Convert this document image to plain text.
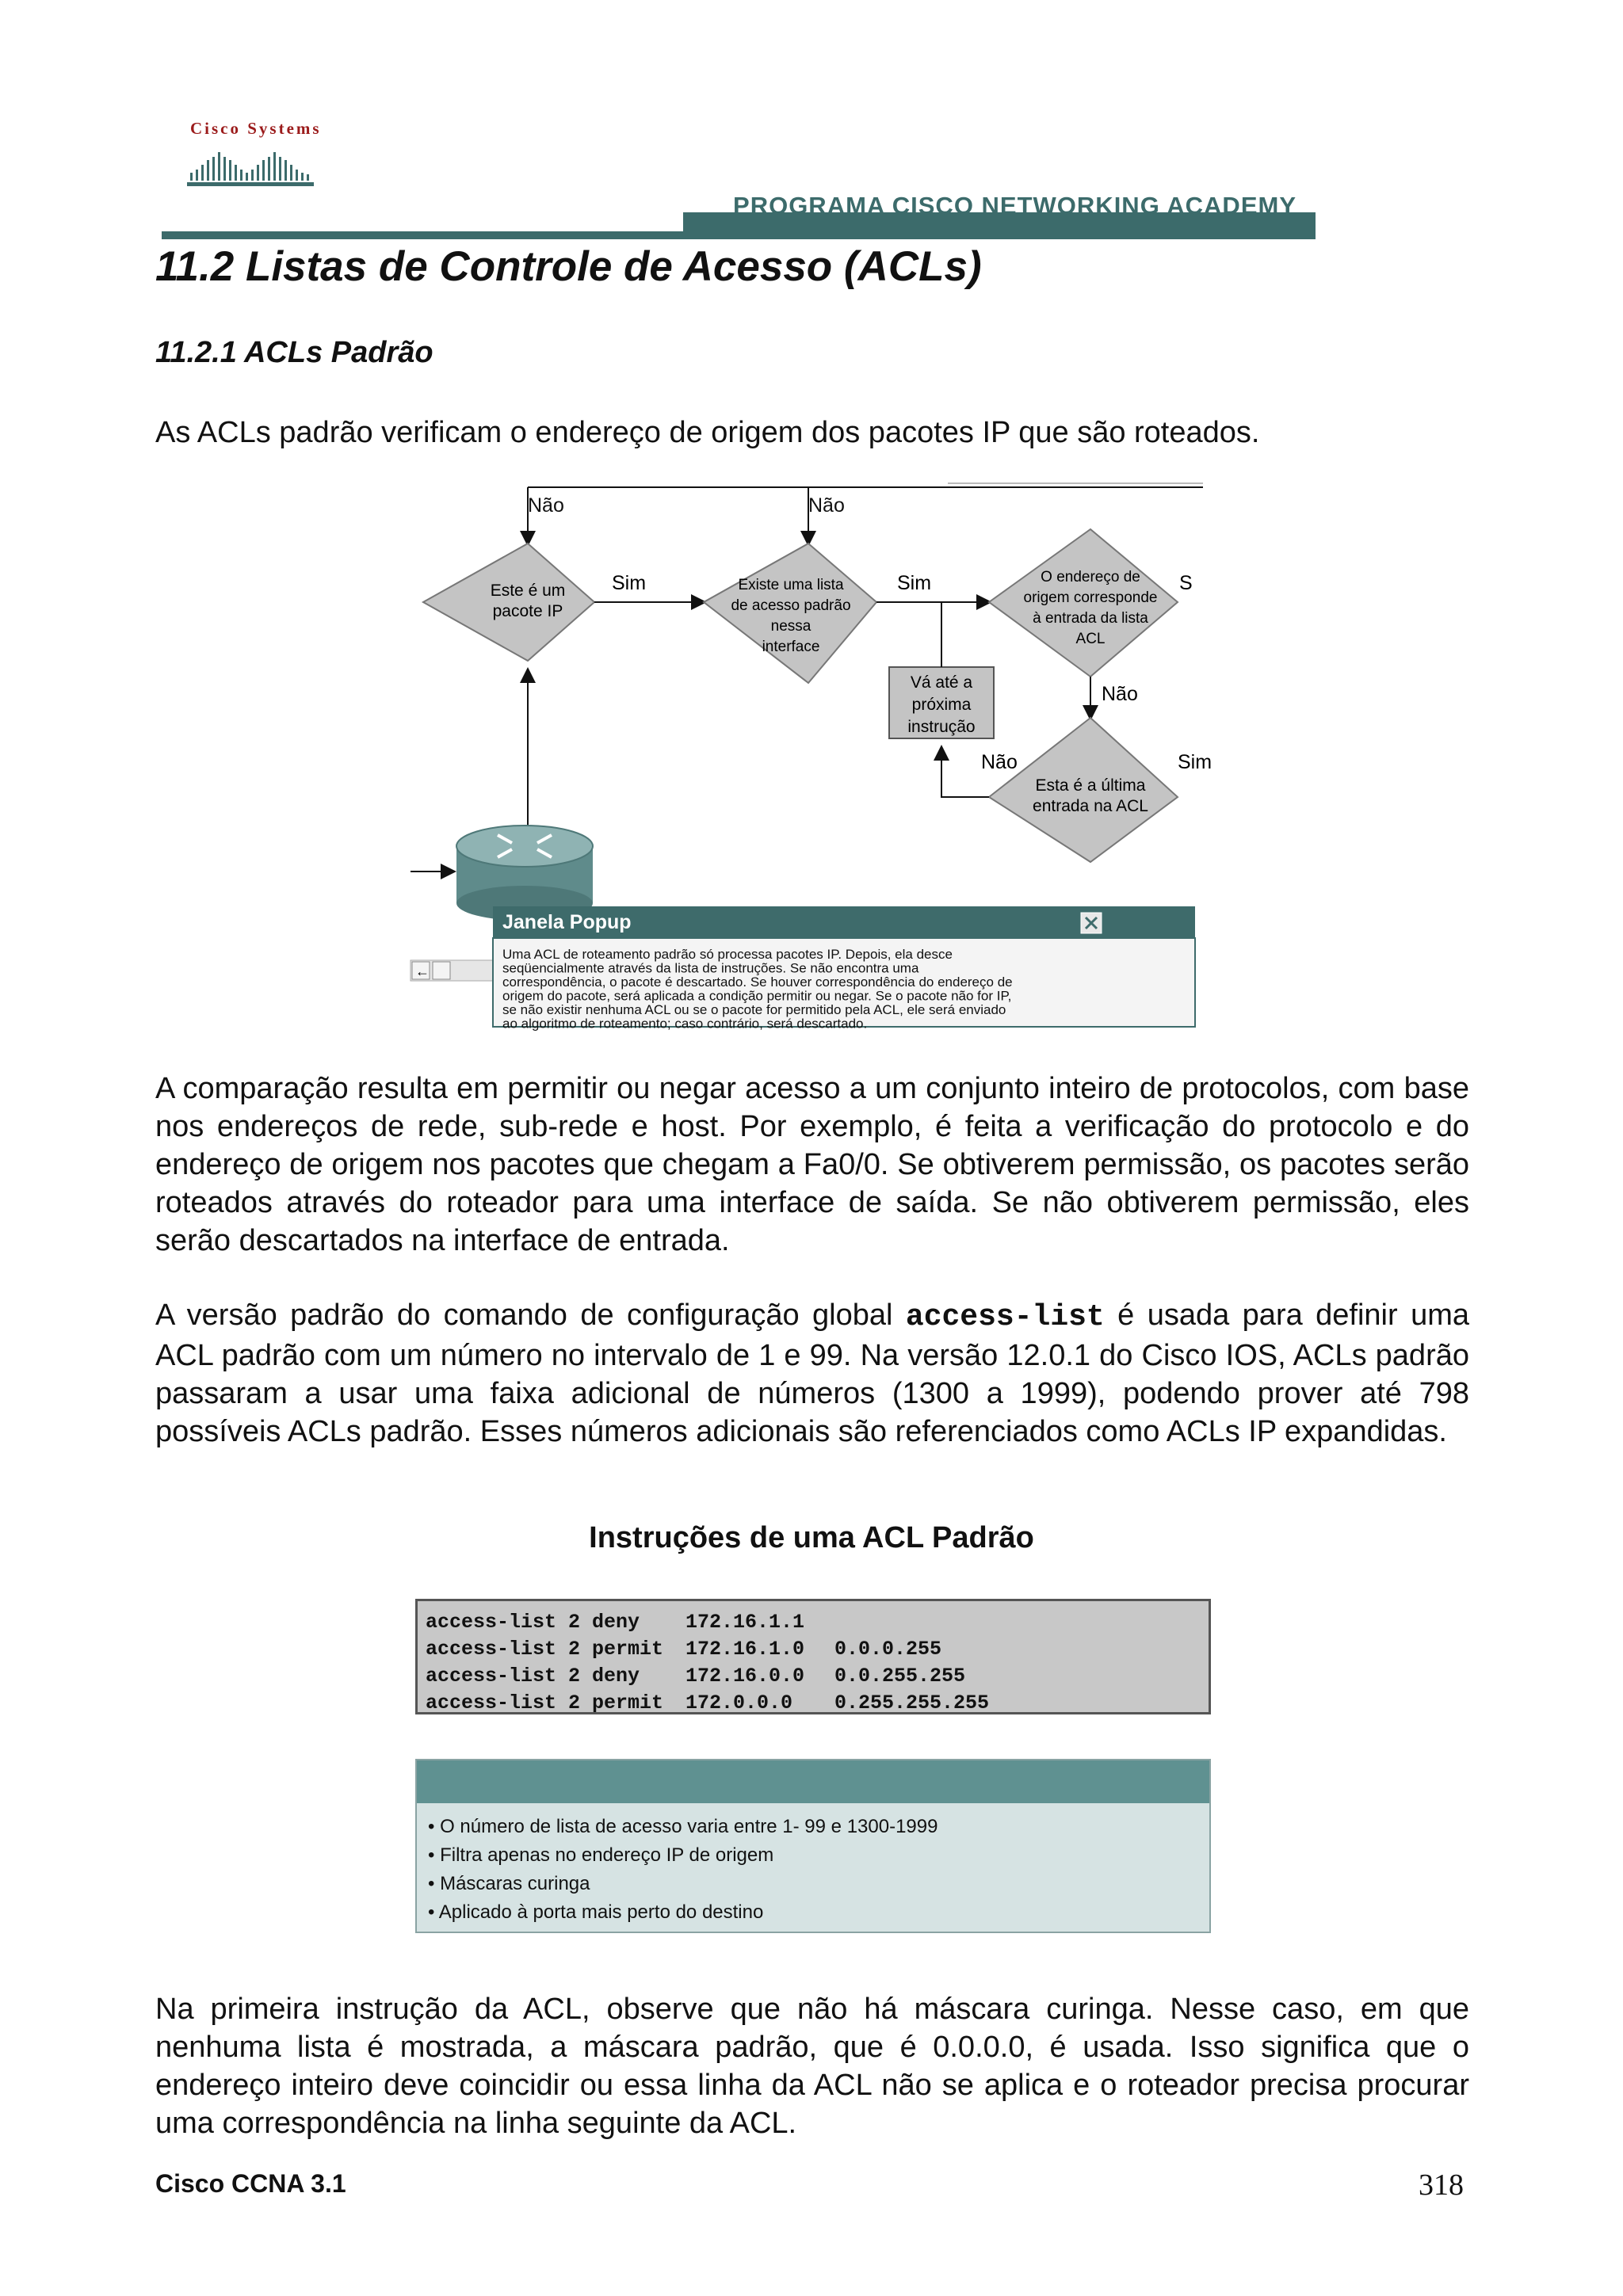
Cisco Systems
PROGRAMA CISCO NETWORKING ACADEMY
11.2 Listas de Controle de Acesso (ACLs)
11.2.1 ACLs Padrão

As ACLs padrão verificam o endereço de origem dos pacotes IP que são roteados.

Não	Não
Este é um
pacote IP
Sim	Existe uma lista
de acesso padrão
nessa
interface
Sim	O endereço de
origem corresponde
à entrada da lista
ACL
S
Vá até a
próxima
instrução
Não
Esta é a última
entrada na ACL
Sim
Não
←
Janela Popup
Uma ACL de roteamento padrão só processa pacotes IP. Depois, ela desce
seqüencialmente através da lista de instruções. Se não encontra uma
correspondência, o pacote é descartado. Se houver correspondência do endereço de
origem do pacote, será aplicada a condição permitir ou negar. Se o pacote não for IP,
se não existir nenhuma ACL ou se o pacote for permitido pela ACL, ele será enviado
ao algoritmo de roteamento; caso contrário, será descartado.

A comparação resulta em permitir ou negar acesso a um conjunto inteiro de protocolos, com base nos endereços de rede, sub-rede e host. Por exemplo, é feita a verificação do protocolo e do endereço de origem nos pacotes que chegam a Fa0/0. Se obtiverem permissão, os pacotes serão roteados através do roteador para uma interface de saída. Se não obtiverem permissão, eles serão descartados na interface de entrada.

A versão padrão do comando de configuração global access-list é usada para definir uma ACL padrão com um número no intervalo de 1 e 99. Na versão 12.0.1 do Cisco IOS, ACLs padrão passaram a usar uma faixa adicional de números (1300 a 1999), podendo prover até 798 possíveis ACLs padrão. Esses números adicionais são referenciados como ACLs IP expandidas.

Instruções de uma ACL Padrão
access-list 2 deny	172.16.1.1
access-list 2 permit	172.16.1.0	0.0.0.255
access-list 2 deny	172.16.0.0	0.0.255.255
access-list 2 permit	172.0.0.0	0.255.255.255
• O número de lista de acesso varia entre 1- 99 e 1300-1999
• Filtra apenas no endereço IP de origem
• Máscaras curinga
• Aplicado à porta mais perto do destino

Na primeira instrução da ACL, observe que não há máscara curinga. Nesse caso, em que nenhuma lista é mostrada, a máscara padrão, que é 0.0.0.0, é usada. Isso significa que o endereço inteiro deve coincidir ou essa linha da ACL não se aplica e o roteador precisa procurar uma correspondência na linha seguinte da ACL.

Cisco CCNA 3.1	318
